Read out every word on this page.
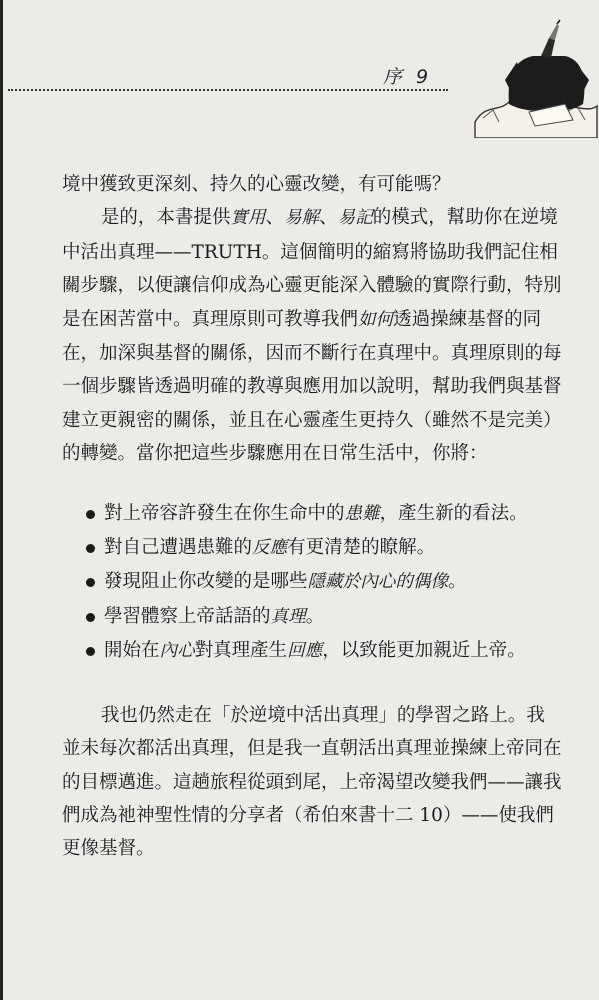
序 9

境中獲致更深刻、持久的心靈改變，有可能嗎？

是的，本書提供實用、易解、易記的模式，幫助你在逆境中活出真理——TRUTH。這個簡明的縮寫將協助我們記住相關步驟，以便讓信仰成為心靈更能深入體驗的實際行動，特別是在困苦當中。真理原則可教導我們如何透過操練基督的同在，加深與基督的關係，因而不斷行在真理中。真理原則的每一個步驟皆透過明確的教導與應用加以說明，幫助我們與基督建立更親密的關係，並且在心靈產生更持久（雖然不是完美）的轉變。當你把這些步驟應用在日常生活中，你將：

對上帝容許發生在你生命中的患難，產生新的看法。
對自己遭遇患難的反應有更清楚的瞭解。
發現阻止你改變的是哪些隱藏於內心的偶像。
學習體察上帝話語的真理。
開始在內心對真理產生回應，以致能更加親近上帝。

我也仍然走在「於逆境中活出真理」的學習之路上。我並未每次都活出真理，但是我一直朝活出真理並操練上帝同在的目標邁進。這趟旅程從頭到尾，上帝渴望改變我們——讓我們成為祂神聖性情的分享者（希伯來書十二 10）——使我們更像基督。
